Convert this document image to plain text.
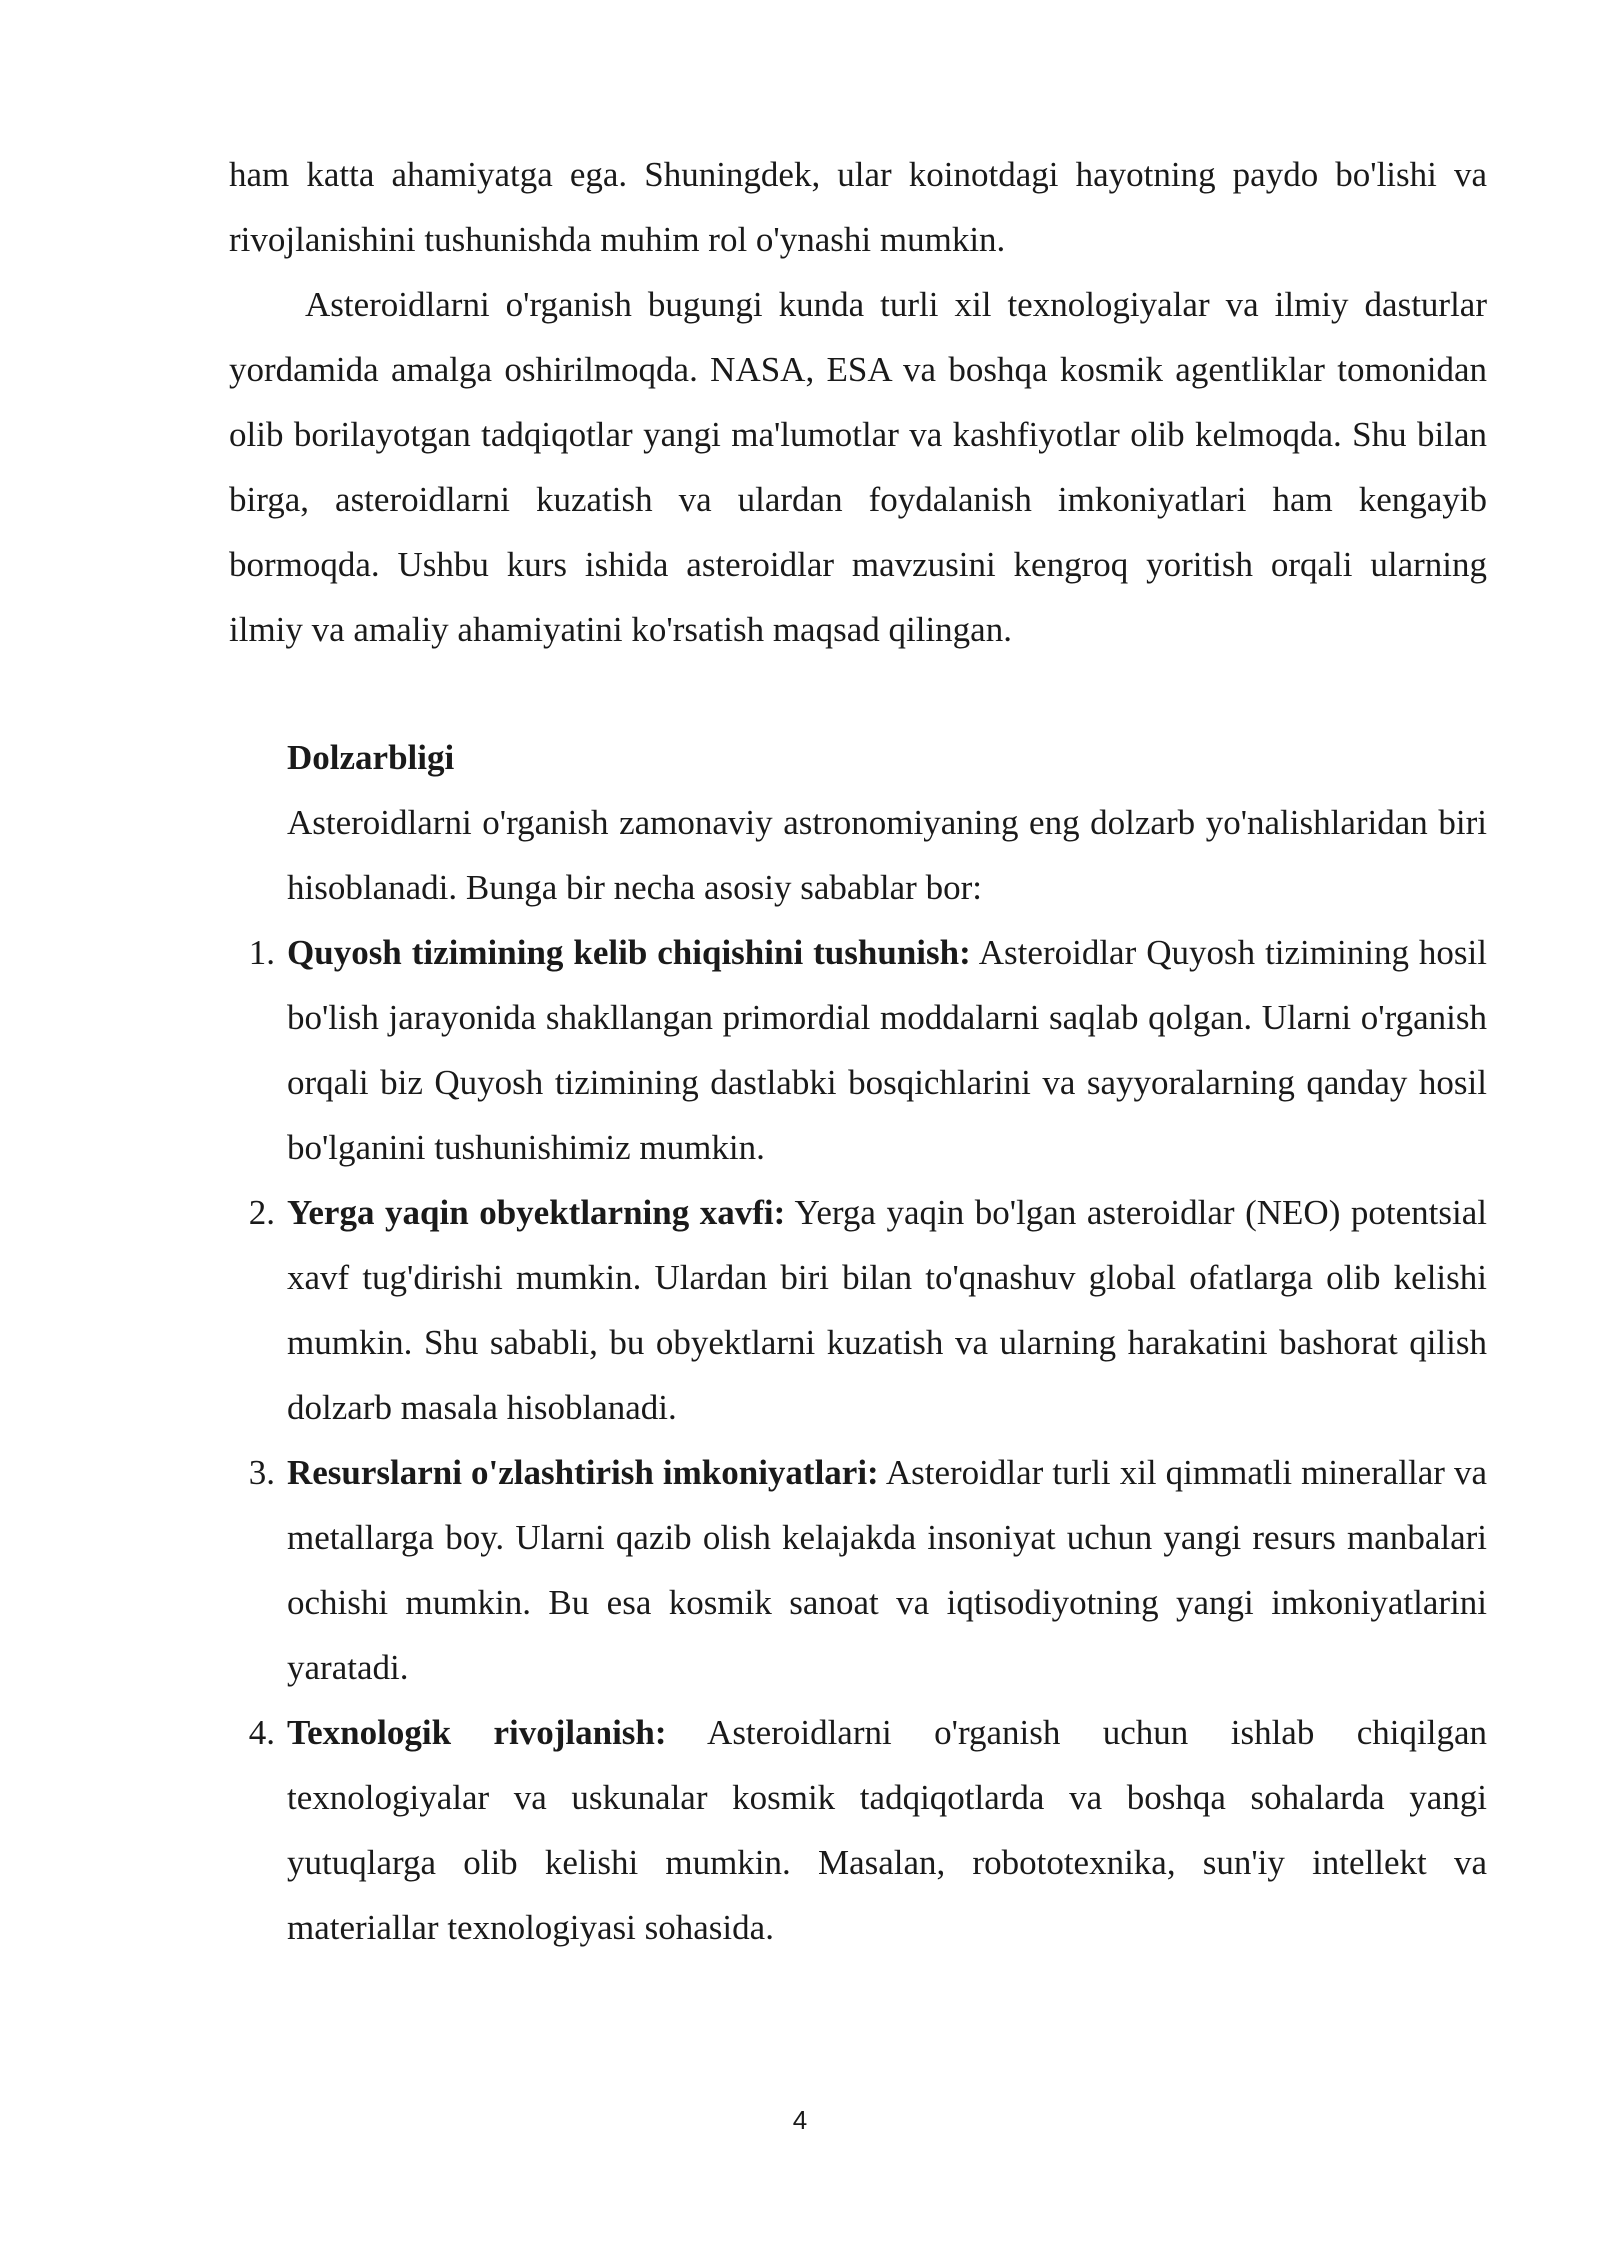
ham katta ahamiyatga ega. Shuningdek, ular koinotdagi hayotning paydo bo'lishi va rivojlanishini tushunishda muhim rol o'ynashi mumkin.

Asteroidlarni o'rganish bugungi kunda turli xil texnologiyalar va ilmiy dasturlar yordamida amalga oshirilmoqda. NASA, ESA va boshqa kosmik agentliklar tomonidan olib borilayotgan tadqiqotlar yangi ma'lumotlar va kashfiyotlar olib kelmoqda. Shu bilan birga, asteroidlarni kuzatish va ulardan foydalanish imkoniyatlari ham kengayib bormoqda. Ushbu kurs ishida asteroidlar mavzusini kengroq yoritish orqali ularning ilmiy va amaliy ahamiyatini ko'rsatish maqsad qilingan.

Dolzarbligi

Asteroidlarni o'rganish zamonaviy astronomiyaning eng dolzarb yo'nalishlaridan biri hisoblanadi. Bunga bir necha asosiy sabablar bor:

1. Quyosh tizimining kelib chiqishini tushunish: Asteroidlar Quyosh tizimining hosil bo'lish jarayonida shakllangan primordial moddalarni saqlab qolgan. Ularni o'rganish orqali biz Quyosh tizimining dastlabki bosqichlarini va sayyoralarning qanday hosil bo'lganini tushunishimiz mumkin.
2. Yerga yaqin obyektlarning xavfi: Yerga yaqin bo'lgan asteroidlar (NEO) potentsial xavf tug'dirishi mumkin. Ulardan biri bilan to'qnashuv global ofatlarga olib kelishi mumkin. Shu sababli, bu obyektlarni kuzatish va ularning harakatini bashorat qilish dolzarb masala hisoblanadi.
3. Resurslarni o'zlashtirish imkoniyatlari: Asteroidlar turli xil qimmatli minerallar va metallarga boy. Ularni qazib olish kelajakda insoniyat uchun yangi resurs manbalari ochishi mumkin. Bu esa kosmik sanoat va iqtisodiyotning yangi imkoniyatlarini yaratadi.
4. Texnologik rivojlanish: Asteroidlarni o'rganish uchun ishlab chiqilgan texnologiyalar va uskunalar kosmik tadqiqotlarda va boshqa sohalarda yangi yutuqlarga olib kelishi mumkin. Masalan, robototexnika, sun'iy intellekt va materiallar texnologiyasi sohasida.
4
